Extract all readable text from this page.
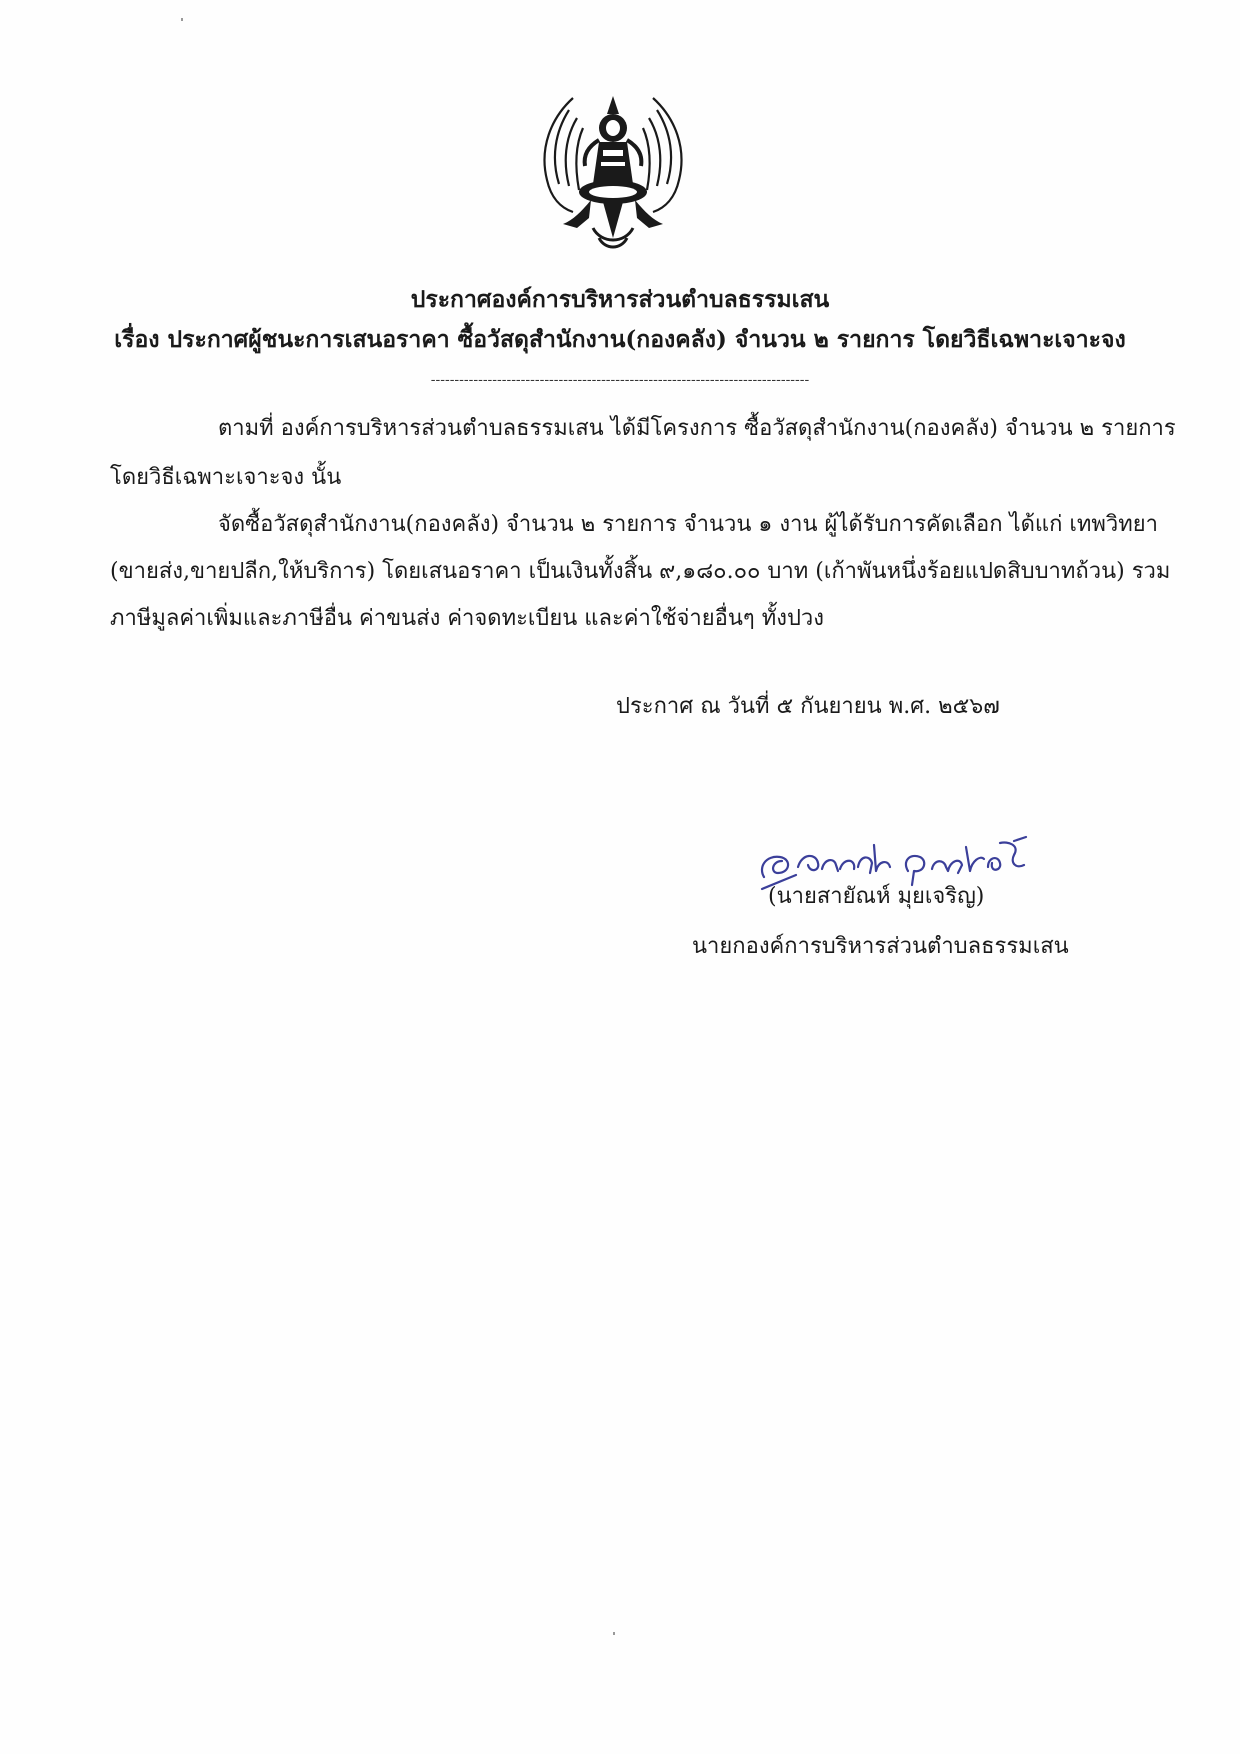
ประกาศองค์การบริหารส่วนตำบลธรรมเสน
เรื่อง ประกาศผู้ชนะการเสนอราคา ซื้อวัสดุสำนักงาน(กองคลัง) จำนวน ๒ รายการ โดยวิธีเฉพาะเจาะจง
--------------------------------------------------------------------------------
ตามที่ องค์การบริหารส่วนตำบลธรรมเสน ได้มีโครงการ ซื้อวัสดุสำนักงาน(กองคลัง) จำนวน ๒ รายการ
โดยวิธีเฉพาะเจาะจง นั้น
จัดซื้อวัสดุสำนักงาน(กองคลัง) จำนวน ๒ รายการ จำนวน ๑ งาน ผู้ได้รับการคัดเลือก ได้แก่ เทพวิทยา
(ขายส่ง,ขายปลีก,ให้บริการ) โดยเสนอราคา เป็นเงินทั้งสิ้น ๙,๑๘๐.๐๐ บาท (เก้าพันหนึ่งร้อยแปดสิบบาทถ้วน) รวม
ภาษีมูลค่าเพิ่มและภาษีอื่น ค่าขนส่ง ค่าจดทะเบียน และค่าใช้จ่ายอื่นๆ ทั้งปวง
ประกาศ ณ วันที่ ๕ กันยายน พ.ศ. ๒๕๖๗
(นายสายัณห์ มุยเจริญ)
นายกองค์การบริหารส่วนตำบลธรรมเสน
